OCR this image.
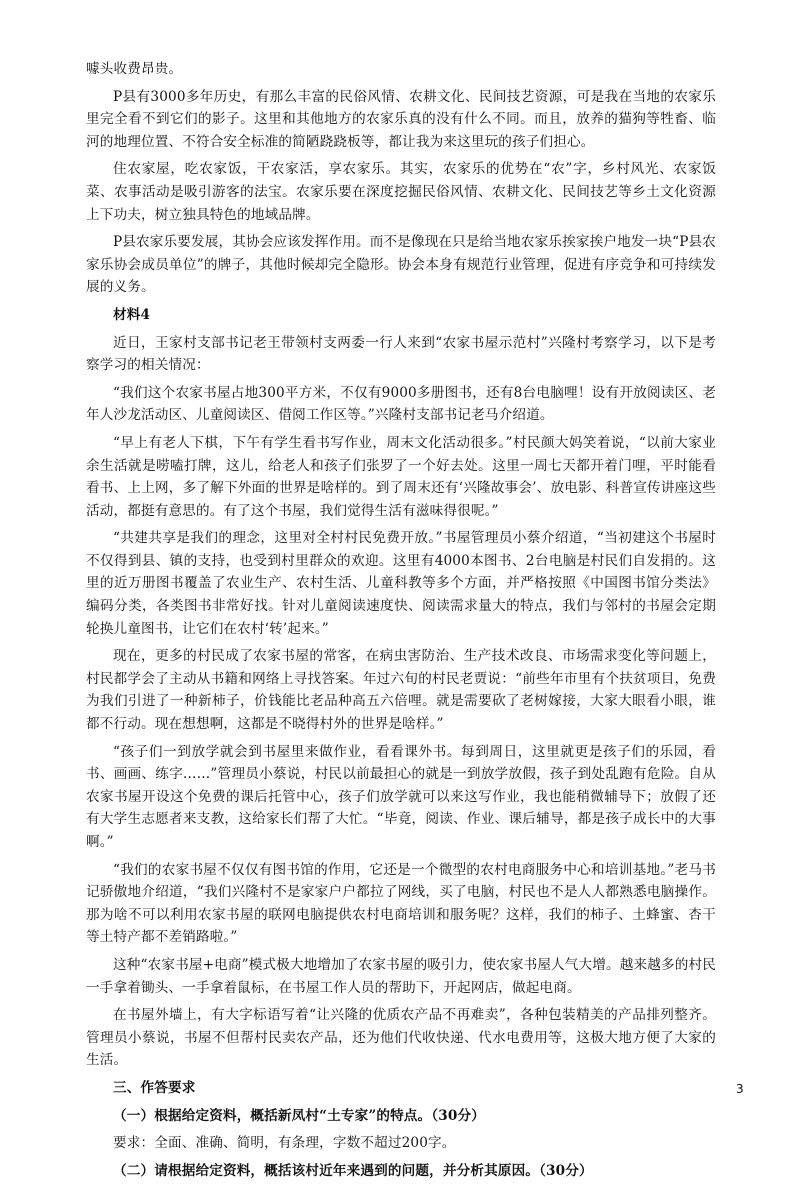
噱头收费昂贵。

P县有3000多年历史，有那么丰富的民俗风情、农耕文化、民间技艺资源，可是我在当地的农家乐里完全看不到它们的影子。这里和其他地方的农家乐真的没有什么不同。而且，放养的猫狗等牲畜、临河的地理位置、不符合安全标准的简陋跷跷板等，都让我为来这里玩的孩子们担心。

住农家屋，吃农家饭，干农家活，享农家乐。其实，农家乐的优势在“农”字，乡村风光、农家饭菜、农事活动是吸引游客的法宝。农家乐要在深度挖掘民俗风情、农耕文化、民间技艺等乡土文化资源上下功夫，树立独具特色的地域品牌。

P县农家乐要发展，其协会应该发挥作用。而不是像现在只是给当地农家乐挨家挨户地发一块“P县农家乐协会成员单位”的牌子，其他时候却完全隐形。协会本身有规范行业管理，促进有序竞争和可持续发展的义务。

材料4

近日，王家村支部书记老王带领村支两委一行人来到“农家书屋示范村”兴隆村考察学习，以下是考察学习的相关情况：

“我们这个农家书屋占地300平方米，不仅有9000多册图书，还有8台电脑哩！设有开放阅读区、老年人沙龙活动区、儿童阅读区、借阅工作区等。”兴隆村支部书记老马介绍道。

“早上有老人下棋，下午有学生看书写作业，周末文化活动很多。”村民颜大妈笑着说，“以前大家业余生活就是唠嗑打牌，这儿，给老人和孩子们张罗了一个好去处。这里一周七天都开着门哩，平时能看看书、上上网，多了解下外面的世界是啥样的。到了周末还有‘兴隆故事会’、放电影、科普宣传讲座这些活动，都挺有意思的。有了这个书屋，我们觉得生活有滋味得很呢。”

“共建共享是我们的理念，这里对全村村民免费开放。”书屋管理员小蔡介绍道，“当初建这个书屋时不仅得到县、镇的支持，也受到村里群众的欢迎。这里有4000本图书、2台电脑是村民们自发捐的。这里的近万册图书覆盖了农业生产、农村生活、儿童科教等多个方面，并严格按照《中国图书馆分类法》编码分类，各类图书非常好找。针对儿童阅读速度快、阅读需求量大的特点，我们与邻村的书屋会定期轮换儿童图书，让它们在农村‘转’起来。”

现在，更多的村民成了农家书屋的常客，在病虫害防治、生产技术改良、市场需求变化等问题上，村民都学会了主动从书籍和网络上寻找答案。年过六旬的村民老贾说：“前些年市里有个扶贫项目，免费为我们引进了一种新柿子，价钱能比老品种高五六倍哩。就是需要砍了老树嫁接，大家大眼看小眼，谁都不行动。现在想想啊，这都是不晓得村外的世界是啥样。”

“孩子们一到放学就会到书屋里来做作业，看看课外书。每到周日，这里就更是孩子们的乐园，看书、画画、练字……”管理员小蔡说，村民以前最担心的就是一到放学放假，孩子到处乱跑有危险。自从农家书屋开设这个免费的课后托管中心，孩子们放学就可以来这写作业，我也能稍微辅导下；放假了还有大学生志愿者来支教，这给家长们帮了大忙。“毕竟，阅读、作业、课后辅导，都是孩子成长中的大事啊。”

“我们的农家书屋不仅仅有图书馆的作用，它还是一个微型的农村电商服务中心和培训基地。”老马书记骄傲地介绍道，“我们兴隆村不是家家户户都拉了网线，买了电脑，村民也不是人人都熟悉电脑操作。那为啥不可以利用农家书屋的联网电脑提供农村电商培训和服务呢？这样，我们的柿子、土蜂蜜、杏干等土特产都不差销路啦。”

这种“农家书屋+电商”模式极大地增加了农家书屋的吸引力，使农家书屋人气大增。越来越多的村民一手拿着锄头、一手拿着鼠标，在书屋工作人员的帮助下，开起网店，做起电商。

在书屋外墙上，有大字标语写着“让兴隆的优质农产品不再难卖”，各种包装精美的产品排列整齐。管理员小蔡说，书屋不但帮村民卖农产品，还为他们代收快递、代水电费用等，这极大地方便了大家的生活。

三、作答要求

（一）根据给定资料，概括新凤村“土专家”的特点。（30分）

要求：全面、准确、简明，有条理，字数不超过200字。

（二）请根据给定资料，概括该村近年来遇到的问题，并分析其原因。（30分）

3
